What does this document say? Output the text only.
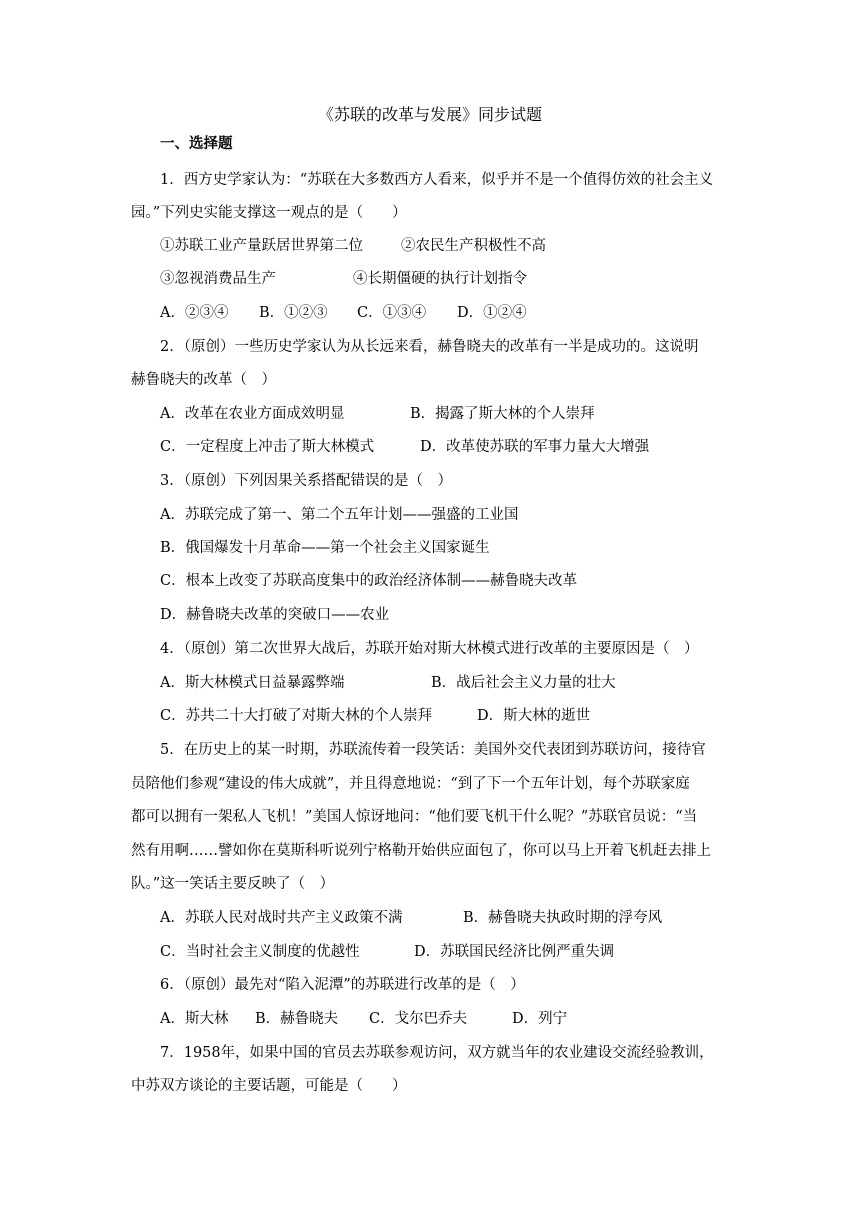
《苏联的改革与发展》同步试题
一、选择题
1．西方史学家认为：“苏联在大多数西方人看来，似乎并不是一个值得仿效的社会主义
园。”下列史实能支撑这一观点的是（　　）
①苏联工业产量跃居世界第二位	②农民生产积极性不高
③忽视消费品生产	④长期僵硬的执行计划指令
A．②③④ B．①②③ C．①③④ D．①②④
2．（原创）一些历史学家认为从长远来看，赫鲁晓夫的改革有一半是成功的。这说明
赫鲁晓夫的改革（　）
A．改革在农业方面成效明显	B．揭露了斯大林的个人崇拜
C．一定程度上冲击了斯大林模式	D．改革使苏联的军事力量大大增强
3．（原创）下列因果关系搭配错误的是（　）
A．苏联完成了第一、第二个五年计划——强盛的工业国
B．俄国爆发十月革命——第一个社会主义国家诞生
C．根本上改变了苏联高度集中的政治经济体制——赫鲁晓夫改革
D．赫鲁晓夫改革的突破口——农业
4．（原创）第二次世界大战后，苏联开始对斯大林模式进行改革的主要原因是（　）
A．斯大林模式日益暴露弊端	B．战后社会主义力量的壮大
C．苏共二十大打破了对斯大林的个人崇拜	D．斯大林的逝世
5．在历史上的某一时期，苏联流传着一段笑话：美国外交代表团到苏联访问，接待官
员陪他们参观“建设的伟大成就”，并且得意地说：“到了下一个五年计划，每个苏联家庭
都可以拥有一架私人飞机！”美国人惊讶地问：“他们要飞机干什么呢？”苏联官员说：“当
然有用啊……譬如你在莫斯科听说列宁格勒开始供应面包了，你可以马上开着飞机赶去排上
队。”这一笑话主要反映了（　）
A．苏联人民对战时共产主义政策不满	B．赫鲁晓夫执政时期的浮夸风
C．当时社会主义制度的优越性	D．苏联国民经济比例严重失调
6．（原创）最先对“陷入泥潭”的苏联进行改革的是（　）
A．斯大林 B．赫鲁晓夫 C．戈尔巴乔夫	D．列宁
7．1958年，如果中国的官员去苏联参观访问，双方就当年的农业建设交流经验教训，
中苏双方谈论的主要话题，可能是（　　）
